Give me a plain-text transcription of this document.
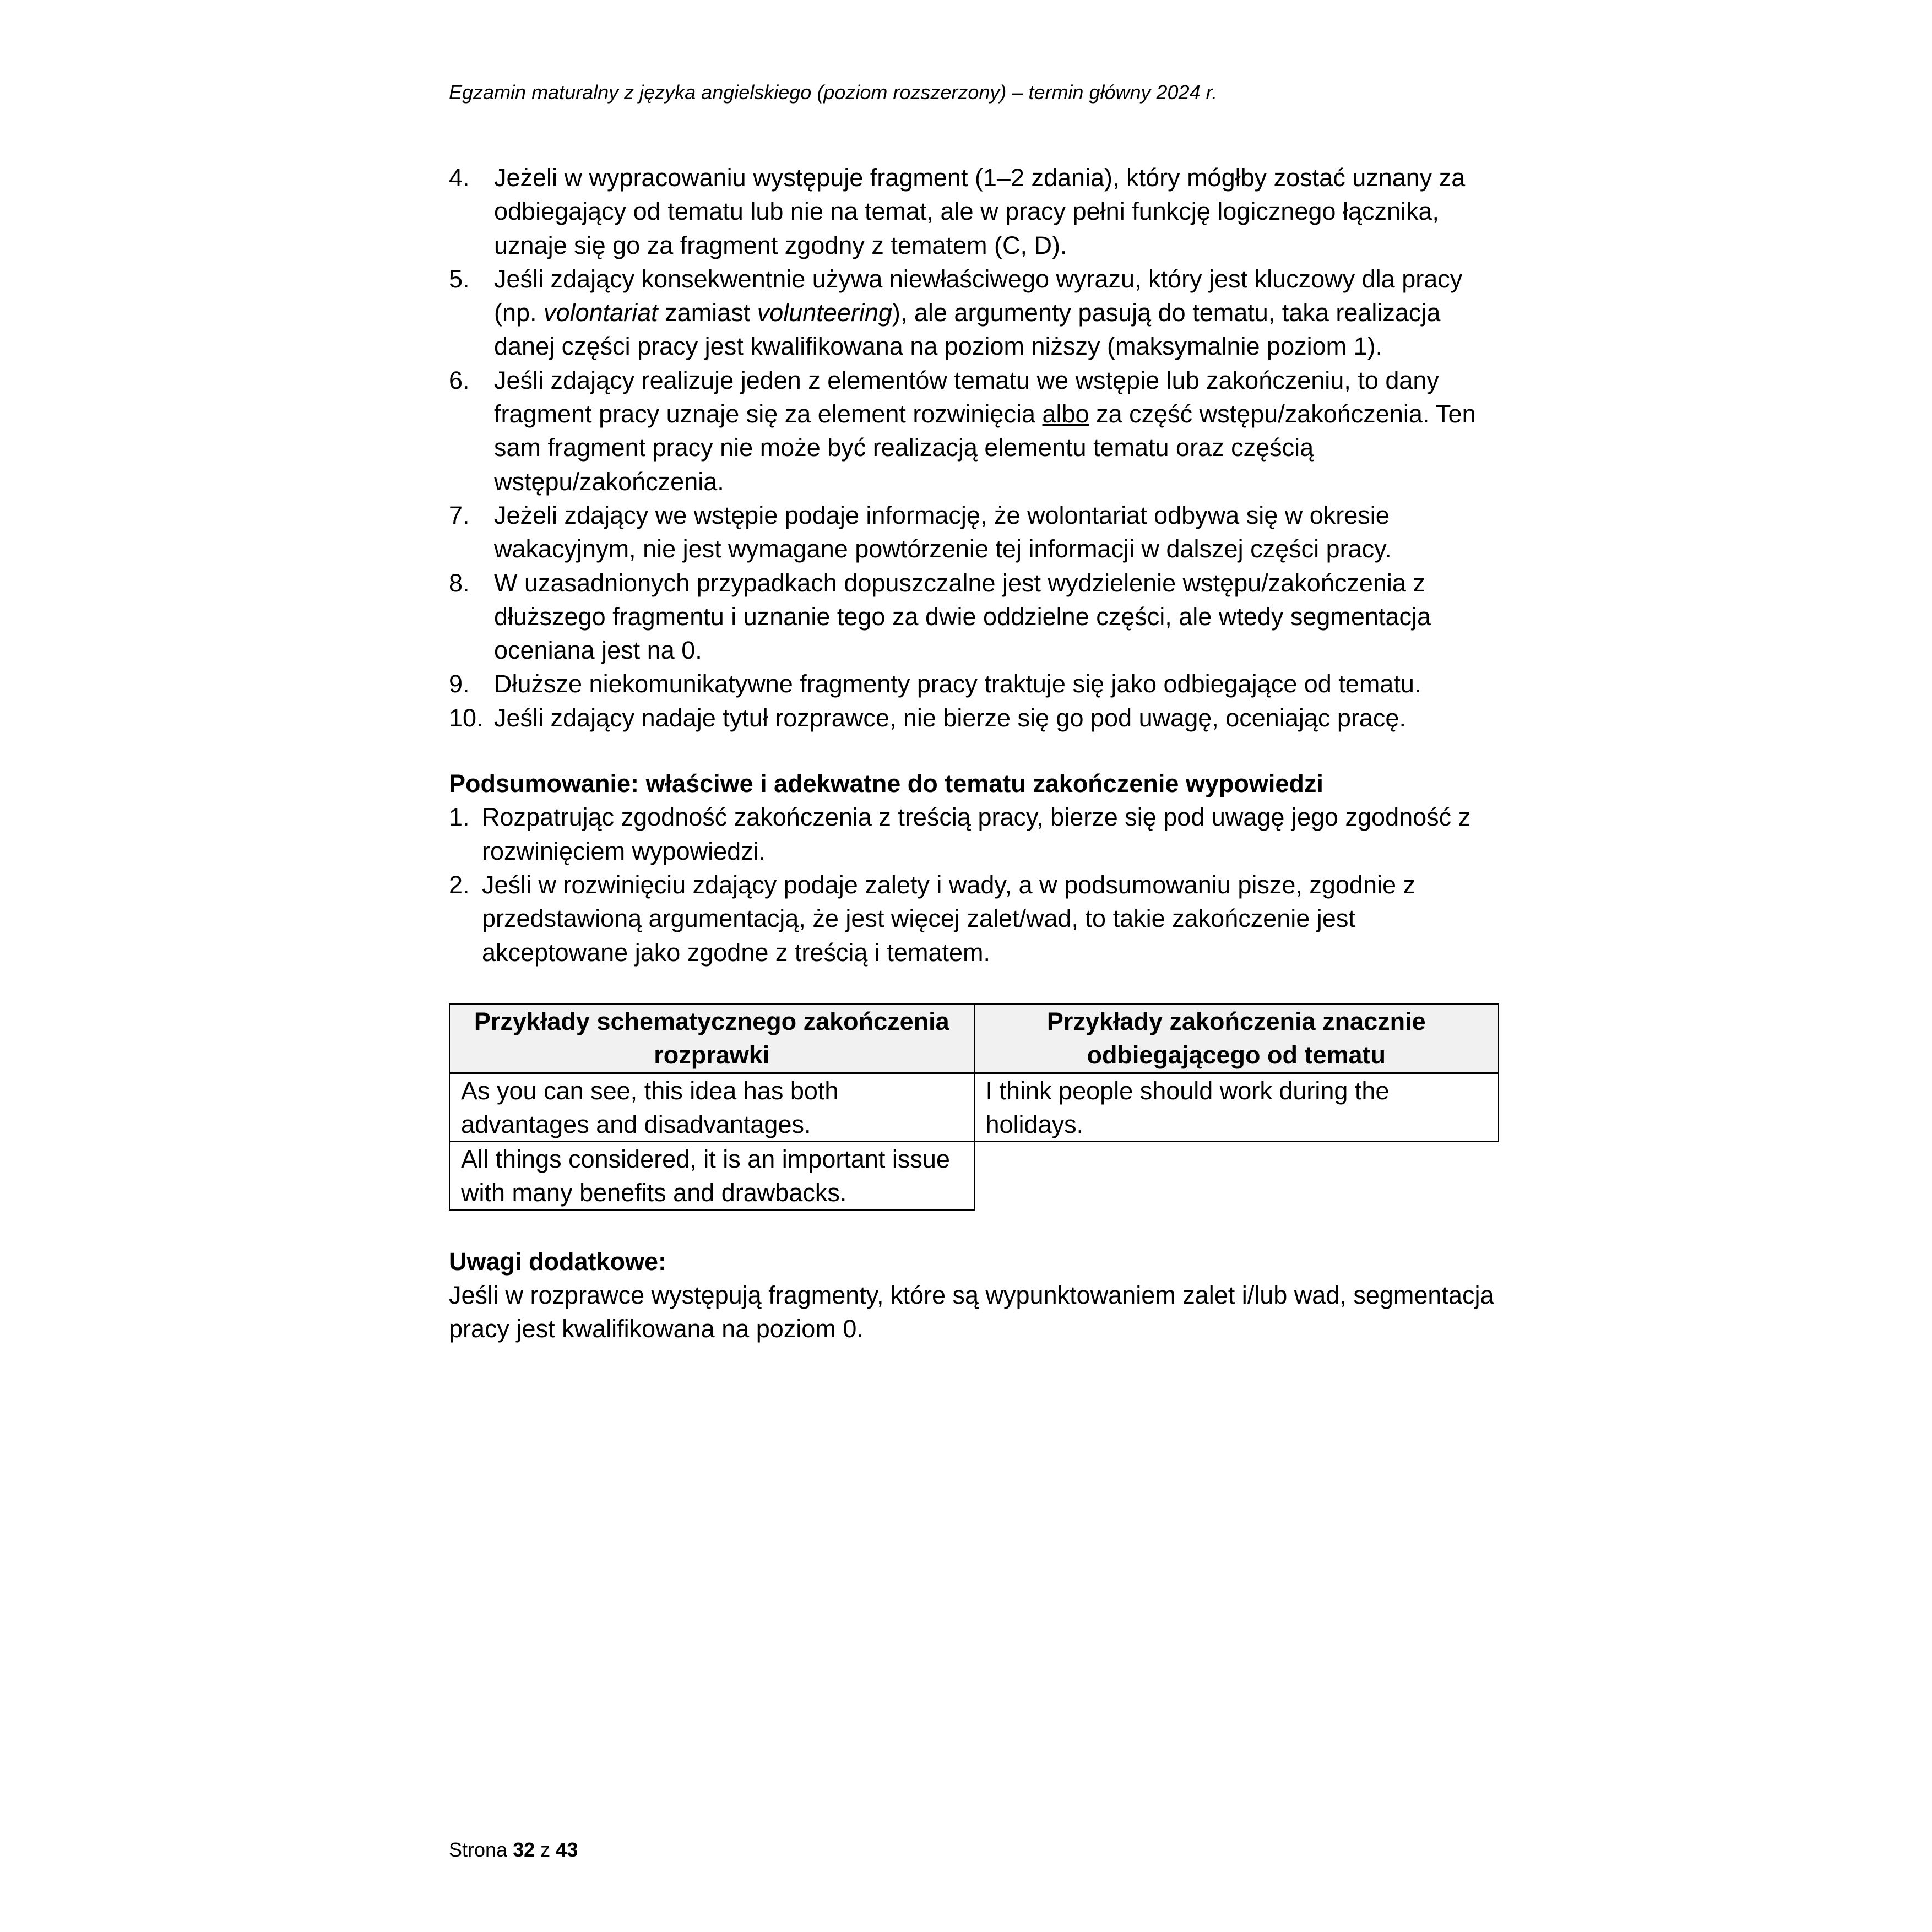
Egzamin maturalny z języka angielskiego (poziom rozszerzony) – termin główny 2024 r.
4. Jeżeli w wypracowaniu występuje fragment (1–2 zdania), który mógłby zostać uznany za odbiegający od tematu lub nie na temat, ale w pracy pełni funkcję logicznego łącznika, uznaje się go za fragment zgodny z tematem (C, D).
5. Jeśli zdający konsekwentnie używa niewłaściwego wyrazu, który jest kluczowy dla pracy (np. volontariat zamiast volunteering), ale argumenty pasują do tematu, taka realizacja danej części pracy jest kwalifikowana na poziom niższy (maksymalnie poziom 1).
6. Jeśli zdający realizuje jeden z elementów tematu we wstępie lub zakończeniu, to dany fragment pracy uznaje się za element rozwinięcia albo za część wstępu/zakończenia. Ten sam fragment pracy nie może być realizacją elementu tematu oraz częścią wstępu/zakończenia.
7. Jeżeli zdający we wstępie podaje informację, że wolontariat odbywa się w okresie wakacyjnym, nie jest wymagane powtórzenie tej informacji w dalszej części pracy.
8. W uzasadnionych przypadkach dopuszczalne jest wydzielenie wstępu/zakończenia z dłuższego fragmentu i uznanie tego za dwie oddzielne części, ale wtedy segmentacja oceniana jest na 0.
9. Dłuższe niekomunikatywne fragmenty pracy traktuje się jako odbiegające od tematu.
10. Jeśli zdający nadaje tytuł rozprawce, nie bierze się go pod uwagę, oceniając pracę.
Podsumowanie: właściwe i adekwatne do tematu zakończenie wypowiedzi
1. Rozpatrując zgodność zakończenia z treścią pracy, bierze się pod uwagę jego zgodność z rozwinięciem wypowiedzi.
2. Jeśli w rozwinięciu zdający podaje zalety i wady, a w podsumowaniu pisze, zgodnie z przedstawioną argumentacją, że jest więcej zalet/wad, to takie zakończenie jest akceptowane jako zgodne z treścią i tematem.
Przykłady schematycznego zakończenia rozprawki	Przykłady zakończenia znacznie odbiegającego od tematu
As you can see, this idea has both advantages and disadvantages.	I think people should work during the holidays.
All things considered, it is an important issue with many benefits and drawbacks.	
Uwagi dodatkowe:
Jeśli w rozprawce występują fragmenty, które są wypunktowaniem zalet i/lub wad, segmentacja pracy jest kwalifikowana na poziom 0.
Strona 32 z 43
